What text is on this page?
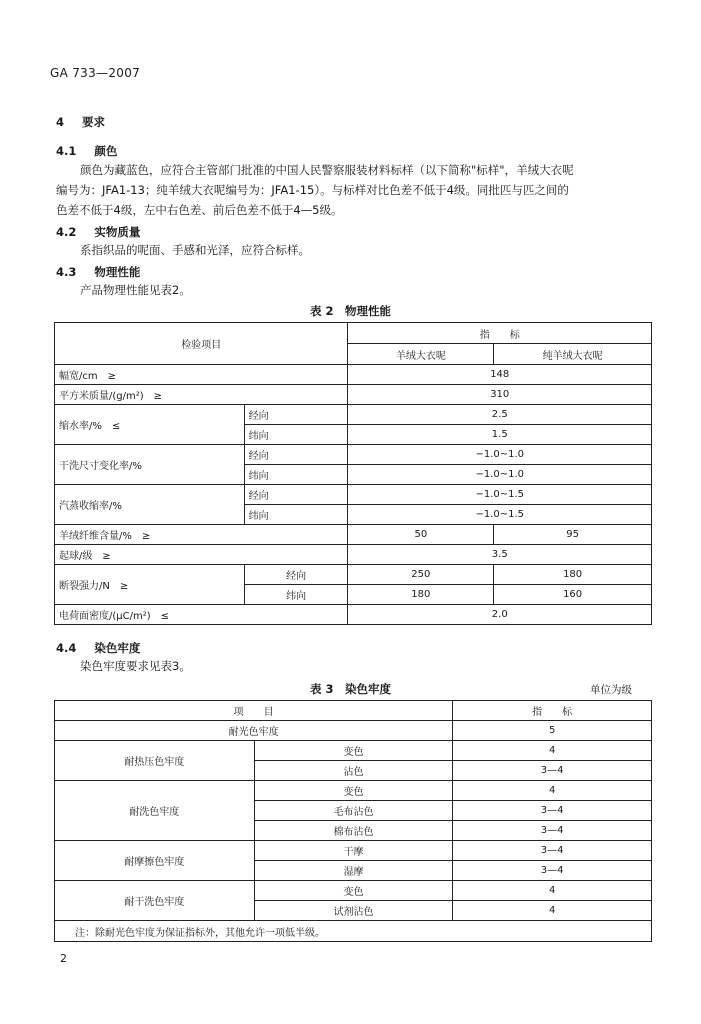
GA 733—2007
4 要求
4.1 颜色
颜色为藏蓝色，应符合主管部门批准的中国人民警察服装材料标样（以下简称"标样"，羊绒大衣呢
编号为：JFA1-13；纯羊绒大衣呢编号为：JFA1-15）。与标样对比色差不低于4级。同批匹与匹之间的
色差不低于4级，左中右色差、前后色差不低于4—5级。
4.2 实物质量
系指织品的呢面、手感和光泽，应符合标样。
4.3 物理性能
产品物理性能见表2。
表 2　物理性能
检验项目		指　　标	
		羊绒大衣呢	纯羊绒大衣呢
幅宽/cm　≥		148	
平方米质量/(g/m²)　≥		310	
缩水率/%　≤	经向	2.5	
	纬向	1.5	
干洗尺寸变化率/%	经向	−1.0~1.0	
	纬向	−1.0~1.0	
汽蒸收缩率/%	经向	−1.0~1.5	
	纬向	−1.0~1.5	
羊绒纤维含量/%　≥		50	95
起球/级　≥		3.5	
断裂强力/N　≥	经向	250	180
	纬向	180	160
电荷面密度/(μC/m²)　≤		2.0	
4.4 染色牢度
染色牢度要求见表3。
表 3　染色牢度	单位为级
项　　目		指　　标
耐光色牢度		5
耐热压色牢度	变色	4
	沾色	3—4
耐洗色牢度	变色	4
	毛布沾色	3—4
	棉布沾色	3—4
耐摩擦色牢度	干摩	3—4
	湿摩	3—4
耐干洗色牢度	变色	4
	试剂沾色	4
注：除耐光色牢度为保证指标外，其他允许一项低半级。		
2
